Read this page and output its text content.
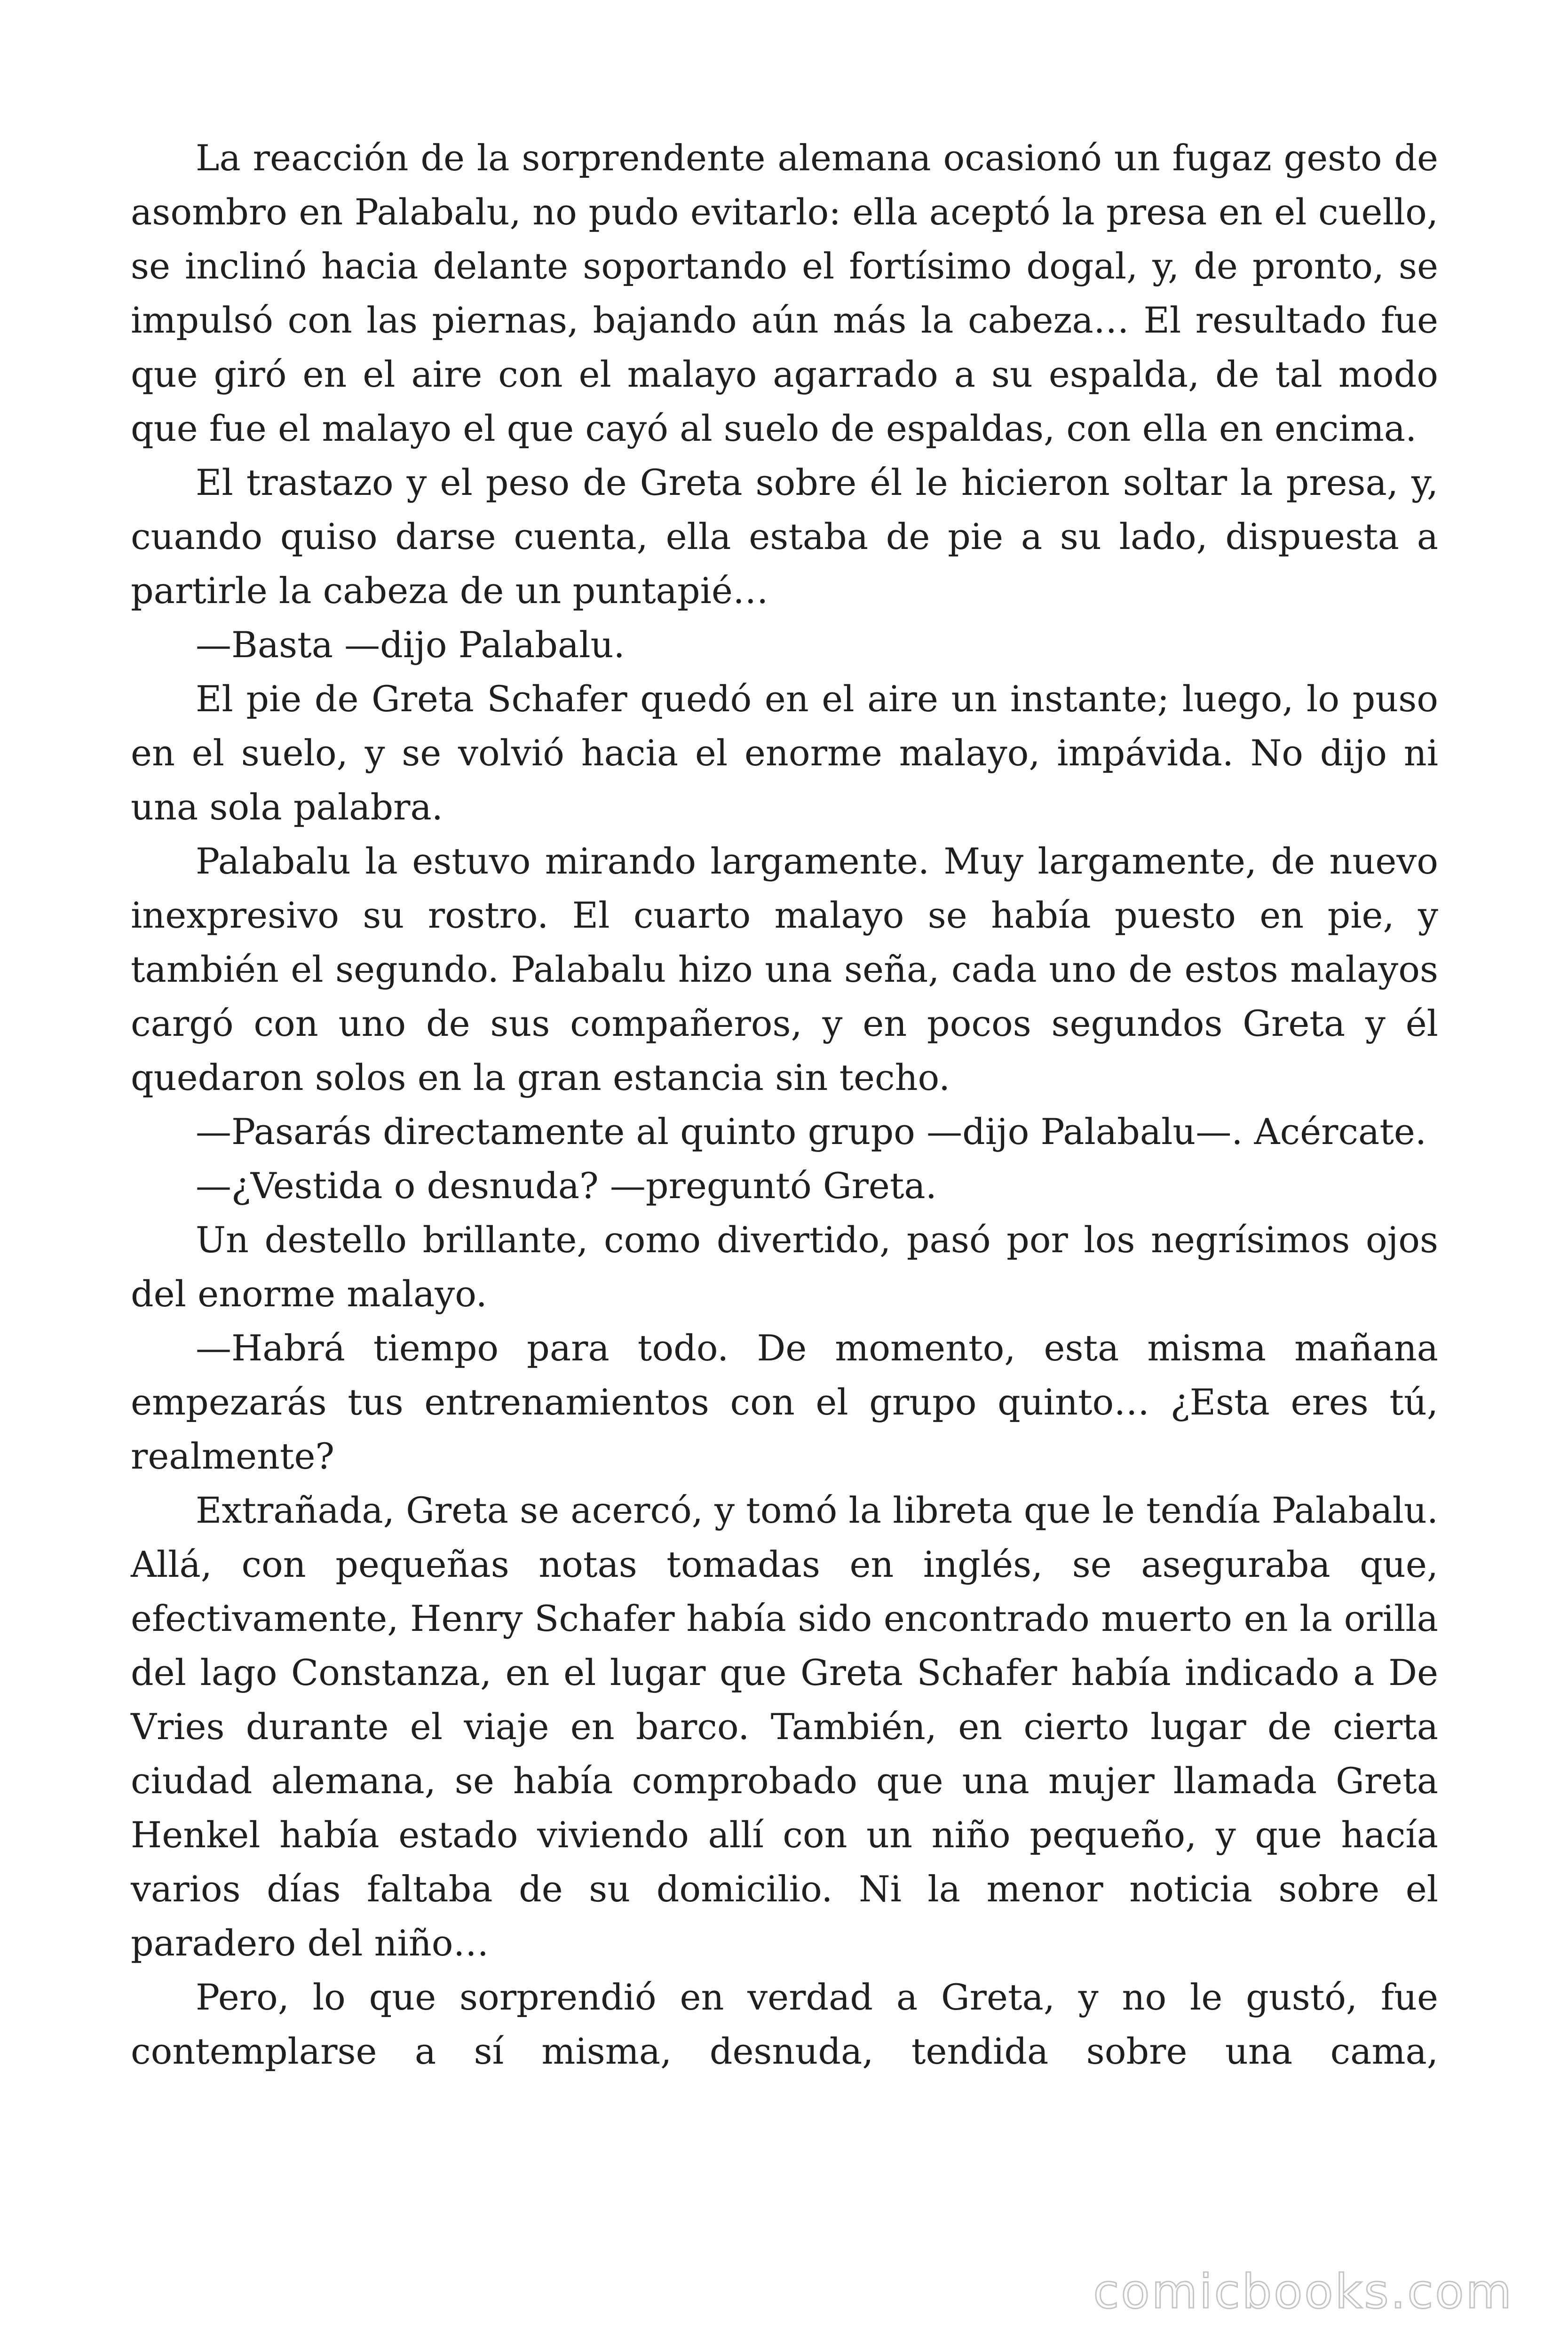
La reacción de la sorprendente alemana ocasionó un fugaz gesto de asombro en Palabalu, no pudo evitarlo: ella aceptó la presa en el cuello, se inclinó hacia delante soportando el fortísimo dogal, y, de pronto, se impulsó con las piernas, bajando aún más la cabeza… El resultado fue que giró en el aire con el malayo agarrado a su espalda, de tal modo que fue el malayo el que cayó al suelo de espaldas, con ella en encima.

El trastazo y el peso de Greta sobre él le hicieron soltar la presa, y, cuando quiso darse cuenta, ella estaba de pie a su lado, dispuesta a partirle la cabeza de un puntapié…

—Basta —dijo Palabalu.

El pie de Greta Schafer quedó en el aire un instante; luego, lo puso en el suelo, y se volvió hacia el enorme malayo, impávida. No dijo ni una sola palabra.

Palabalu la estuvo mirando largamente. Muy largamente, de nuevo inexpresivo su rostro. El cuarto malayo se había puesto en pie, y también el segundo. Palabalu hizo una seña, cada uno de estos malayos cargó con uno de sus compañeros, y en pocos segundos Greta y él quedaron solos en la gran estancia sin techo.

—Pasarás directamente al quinto grupo —dijo Palabalu—. Acércate.

—¿Vestida o desnuda? —preguntó Greta.

Un destello brillante, como divertido, pasó por los negrísimos ojos del enorme malayo.

—Habrá tiempo para todo. De momento, esta misma mañana empezarás tus entrenamientos con el grupo quinto… ¿Esta eres tú, realmente?

Extrañada, Greta se acercó, y tomó la libreta que le tendía Palabalu. Allá, con pequeñas notas tomadas en inglés, se aseguraba que, efectivamente, Henry Schafer había sido encontrado muerto en la orilla del lago Constanza, en el lugar que Greta Schafer había indicado a De Vries durante el viaje en barco. También, en cierto lugar de cierta ciudad alemana, se había comprobado que una mujer llamada Greta Henkel había estado viviendo allí con un niño pequeño, y que hacía varios días faltaba de su domicilio. Ni la menor noticia sobre el paradero del niño…

Pero, lo que sorprendió en verdad a Greta, y no le gustó, fue contemplarse a sí misma, desnuda, tendida sobre una cama,

comicbooks.com
